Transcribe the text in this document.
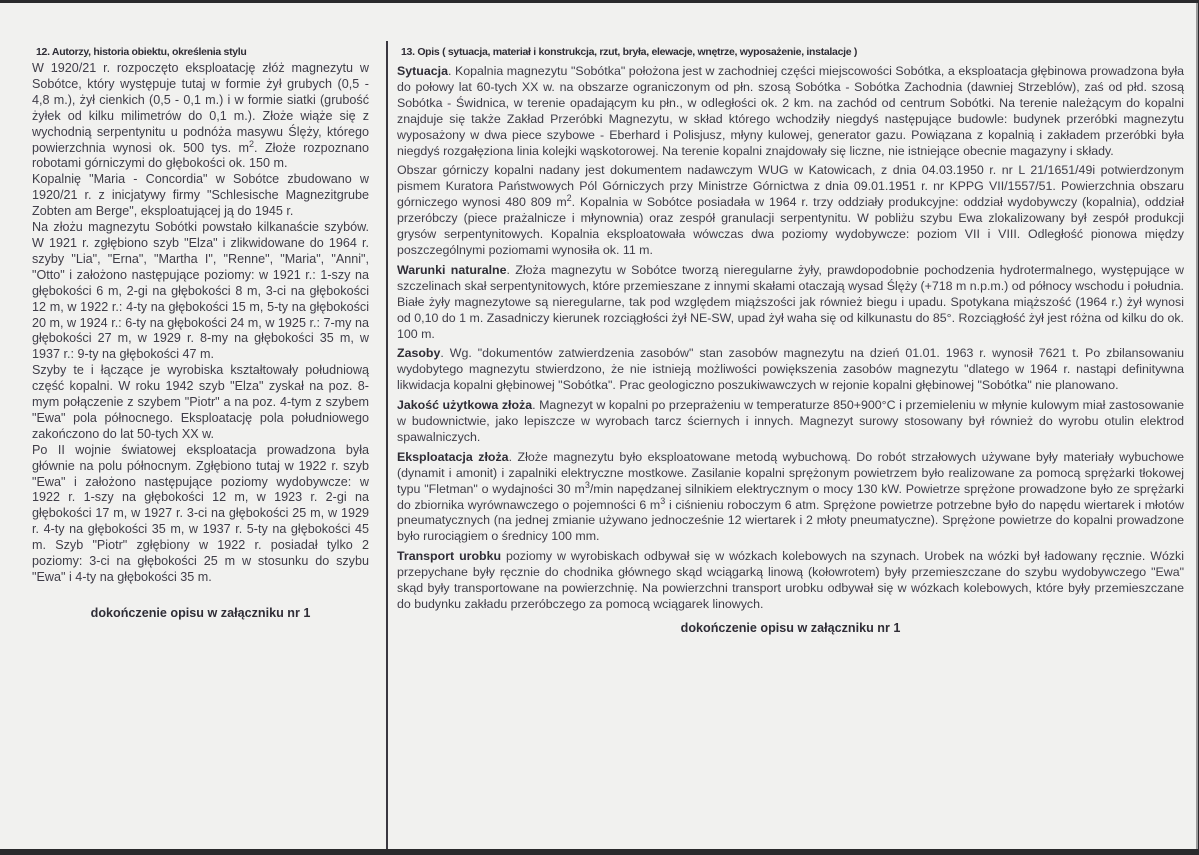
12. Autorzy, historia obiektu, określenia stylu

W 1920/21 r. rozpoczęto eksploatację złóż magnezytu w Sobótce, który występuje tutaj w formie żył grubych (0,5 - 4,8 m.), żył cienkich (0,5 - 0,1 m.) i w formie siatki (grubość żyłek od kilku milimetrów do 0,1 m.). Złoże wiąże się z wychodnią serpentynitu u podnóża masywu Ślęży, którego powierzchnia wynosi ok. 500 tys. $m^2$. Złoże rozpoznano robotami górniczymi do głębokości ok. 150 m.

Kopalnię "Maria - Concordia" w Sobótce zbudowano w 1920/21 r. z inicjatywy firmy "Schlesische Magnezitgrube Zobten am Berge", eksploatującej ją do 1945 r.

Na złożu magnezytu Sobótki powstało kilkanaście szybów. W 1921 r. zgłębiono szyb "Elza" i zlikwidowane do 1964 r. szyby "Lia", "Erna", "Martha I", "Renne", "Maria", "Anni", "Otto" i założono następujące poziomy: w 1921 r.: 1-szy na głębokości 6 m, 2-gi na głębokości 8 m, 3-ci na głębokości 12 m, w 1922 r.: 4-ty na głębokości 15 m, 5-ty na głębokości 20 m, w 1924 r.: 6-ty na głębokości 24 m, w 1925 r.: 7-my na głębokości 27 m, w 1929 r. 8-my na głębokości 35 m, w 1937 r.: 9-ty na głębokości 47 m.

Szyby te i łączące je wyrobiska kształtowały południową część kopalni. W roku 1942 szyb "Elza" zyskał na poz. 8-mym połączenie z szybem "Piotr" a na poz. 4-tym z szybem "Ewa" pola północnego. Eksploatację pola południowego zakończono do lat 50-tych XX w.

Po II wojnie światowej eksploatacja prowadzona była głównie na polu północnym. Zgłębiono tutaj w 1922 r. szyb "Ewa" i założono następujące poziomy wydobywcze: w 1922 r. 1-szy na głębokości 12 m, w 1923 r. 2-gi na głębokości 17 m, w 1927 r. 3-ci na głębokości 25 m, w 1929 r. 4-ty na głębokości 35 m, w 1937 r. 5-ty na głębokości 45 m. Szyb "Piotr" zgłębiony w 1922 r. posiadał tylko 2 poziomy: 3-ci na głębokości 25 m w stosunku do szybu "Ewa" i 4-ty na głębokości 35 m.

dokończenie opisu w załączniku nr 1
13. Opis ( sytuacja, materiał i konstrukcja, rzut, bryła, elewacje, wnętrze, wyposażenie, instalacje )

Sytuacja. Kopalnia magnezytu "Sobótka" położona jest w zachodniej części miejscowości Sobótka, a eksploatacja głębinowa prowadzona była do połowy lat 60-tych XX w. na obszarze ograniczonym od płn. szosą Sobótka - Sobótka Zachodnia (dawniej Strzeblów), zaś od płd. szosą Sobótka - Świdnica, w terenie opadającym ku płn., w odległości ok. 2 km. na zachód od centrum Sobótki. Na terenie należącym do kopalni znajduje się także Zakład Przeróbki Magnezytu, w skład którego wchodziły niegdyś następujące budowle: budynek przeróbki magnezytu wyposażony w dwa piece szybowe - Eberhard i Polisjusz, młyny kulowej, generator gazu. Powiązana z kopalnią i zakładem przeróbki była niegdyś rozgałęziona linia kolejki wąskotorowej. Na terenie kopalni znajdowały się liczne, nie istniejące obecnie magazyny i składy.

Obszar górniczy kopalni nadany jest dokumentem nadawczym WUG w Katowicach, z dnia 04.03.1950 r. nr L 21/1651/49i potwierdzonym pismem Kuratora Państwowych Pól Górniczych przy Ministrze Górnictwa z dnia 09.01.1951 r. nr KPPG VII/1557/51. Powierzchnia obszaru górniczego wynosi 480 809 $m^2$. Kopalnia w Sobótce posiadała w 1964 r. trzy oddziały produkcyjne: oddział wydobywczy (kopalnia), oddział przeróbczy (piece prażalnicze i młynownia) oraz zespół granulacji serpentynitu. W pobliżu szybu Ewa zlokalizowany był zespół produkcji grysów serpentynitowych. Kopalnia eksploatowała wówczas dwa poziomy wydobywcze: poziom VII i VIII. Odległość pionowa między poszczególnymi poziomami wynosiła ok. 11 m.

Warunki naturalne. Złoża magnezytu w Sobótce tworzą nieregularne żyły, prawdopodobnie pochodzenia hydrotermalnego, występujące w szczelinach skał serpentynitowych, które przemieszane z innymi skałami otaczają wysad Ślęży (+718 m n.p.m.) od północy wschodu i południa. Białe żyły magnezytowe są nieregularne, tak pod względem miąższości jak również biegu i upadu. Spotykana miąższość (1964 r.) żył wynosi od 0,10 do 1 m. Zasadniczy kierunek rozciągłości żył NE-SW, upad żył waha się od kilkunastu do 85°. Rozciągłość żył jest różna od kilku do ok. 100 m.

Zasoby. Wg. "dokumentów zatwierdzenia zasobów" stan zasobów magnezytu na dzień 01.01. 1963 r. wynosił 7621 t. Po zbilansowaniu wydobytego magnezytu stwierdzono, że nie istnieją możliwości powiększenia zasobów magnezytu "dlatego w 1964 r. nastąpi definitywna likwidacja kopalni głębinowej "Sobótka". Prac geologiczno poszukiwawczych w rejonie kopalni głębinowej "Sobótka" nie planowano.

Jakość użytkowa złoża. Magnezyt w kopalni po przeprażeniu w temperaturze 850+900°C i przemieleniu w młynie kulowym miał zastosowanie w budownictwie, jako lepiszcze w wyrobach tarcz ściernych i innych. Magnezyt surowy stosowany był również do wyrobu otulin elektrod spawalniczych.

Eksploatacja złoża. Złoże magnezytu było eksploatowane metodą wybuchową. Do robót strzałowych używane były materiały wybuchowe (dynamit i amonit) i zapalniki elektryczne mostkowe. Zasilanie kopalni sprężonym powietrzem było realizowane za pomocą sprężarki tłokowej typu "Fletman" o wydajności 30 $m^3/\min$ napędzanej silnikiem elektrycznym o mocy 130 kW. Powietrze sprężone prowadzone było ze sprężarki do zbiornika wyrównawczego o pojemności 6 $m^3$ i ciśnieniu roboczym 6 atm. Sprężone powietrze potrzebne było do napędu wiertarek i młotów pneumatycznych (na jednej zmianie używano jednocześnie 12 wiertarek i 2 młoty pneumatyczne). Sprężone powietrze do kopalni prowadzone było rurociągiem o średnicy 100 mm.

Transport urobku poziomy w wyrobiskach odbywał się w wózkach kolebowych na szynach. Urobek na wózki był ładowany ręcznie. Wózki przepychane były ręcznie do chodnika głównego skąd wciągarką linową (kołowrotem) były przemieszczane do szybu wydobywczego "Ewa" skąd były transportowane na powierzchnię. Na powierzchni transport urobku odbywał się w wózkach kolebowych, które były przemieszczane do budynku zakładu przeróbczego za pomocą wciągarek linowych.

dokończenie opisu w załączniku nr 1
